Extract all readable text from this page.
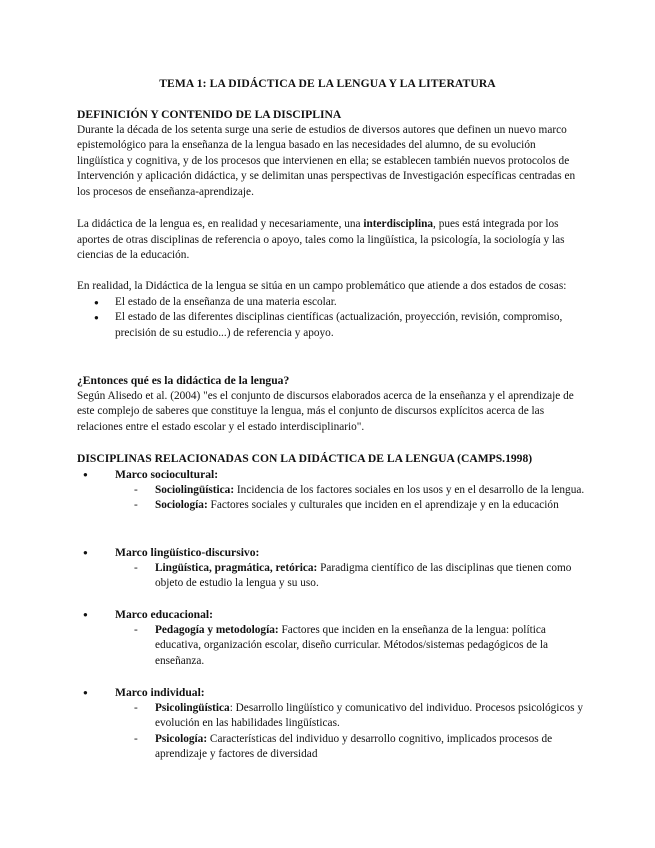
TEMA 1: LA DIDÁCTICA DE LA LENGUA Y LA LITERATURA

DEFINICIÓN Y CONTENIDO DE LA DISCIPLINA

Durante la década de los setenta surge una serie de estudios de diversos autores que definen un nuevo marco epistemológico para la enseñanza de la lengua basado en las necesidades del alumno, de su evolución lingüística y cognitiva, y de los procesos que intervienen en ella; se establecen también nuevos protocolos de Intervención y aplicación didáctica, y se delimitan unas perspectivas de Investigación específicas centradas en los procesos de enseñanza-aprendizaje.

La didáctica de la lengua es, en realidad y necesariamente, una interdisciplina, pues está integrada por los aportes de otras disciplinas de referencia o apoyo, tales como la lingüística, la psicología, la sociología y las ciencias de la educación.

En realidad, la Didáctica de la lengua se sitúa en un campo problemático que atiende a dos estados de cosas:

● El estado de la enseñanza de una materia escolar.
● El estado de las diferentes disciplinas científicas (actualización, proyección, revisión, compromiso, precisión de su estudio...) de referencia y apoyo.

¿Entonces qué es la didáctica de la lengua?

Según Alisedo et al. (2004) "es el conjunto de discursos elaborados acerca de la enseñanza y el aprendizaje de este complejo de saberes que constituye la lengua, más el conjunto de discursos explícitos acerca de las relaciones entre el estado escolar y el estado interdisciplinario".

DISCIPLINAS RELACIONADAS CON LA DIDÁCTICA DE LA LENGUA (CAMPS.1998)

● Marco sociocultural:
- Sociolingüística: Incidencia de los factores sociales en los usos y en el desarrollo de la lengua.
- Sociología: Factores sociales y culturales que inciden en el aprendizaje y en la educación
● Marco lingüístico-discursivo:
- Lingüística, pragmática, retórica: Paradigma científico de las disciplinas que tienen como objeto de estudio la lengua y su uso.
● Marco educacional:
- Pedagogía y metodología: Factores que inciden en la enseñanza de la lengua: política educativa, organización escolar, diseño curricular. Métodos/sistemas pedagógicos de la enseñanza.
● Marco individual:
- Psicolingüística: Desarrollo lingüístico y comunicativo del individuo. Procesos psicológicos y evolución en las habilidades lingüísticas.
- Psicología: Características del individuo y desarrollo cognitivo, implicados procesos de aprendizaje y factores de diversidad
